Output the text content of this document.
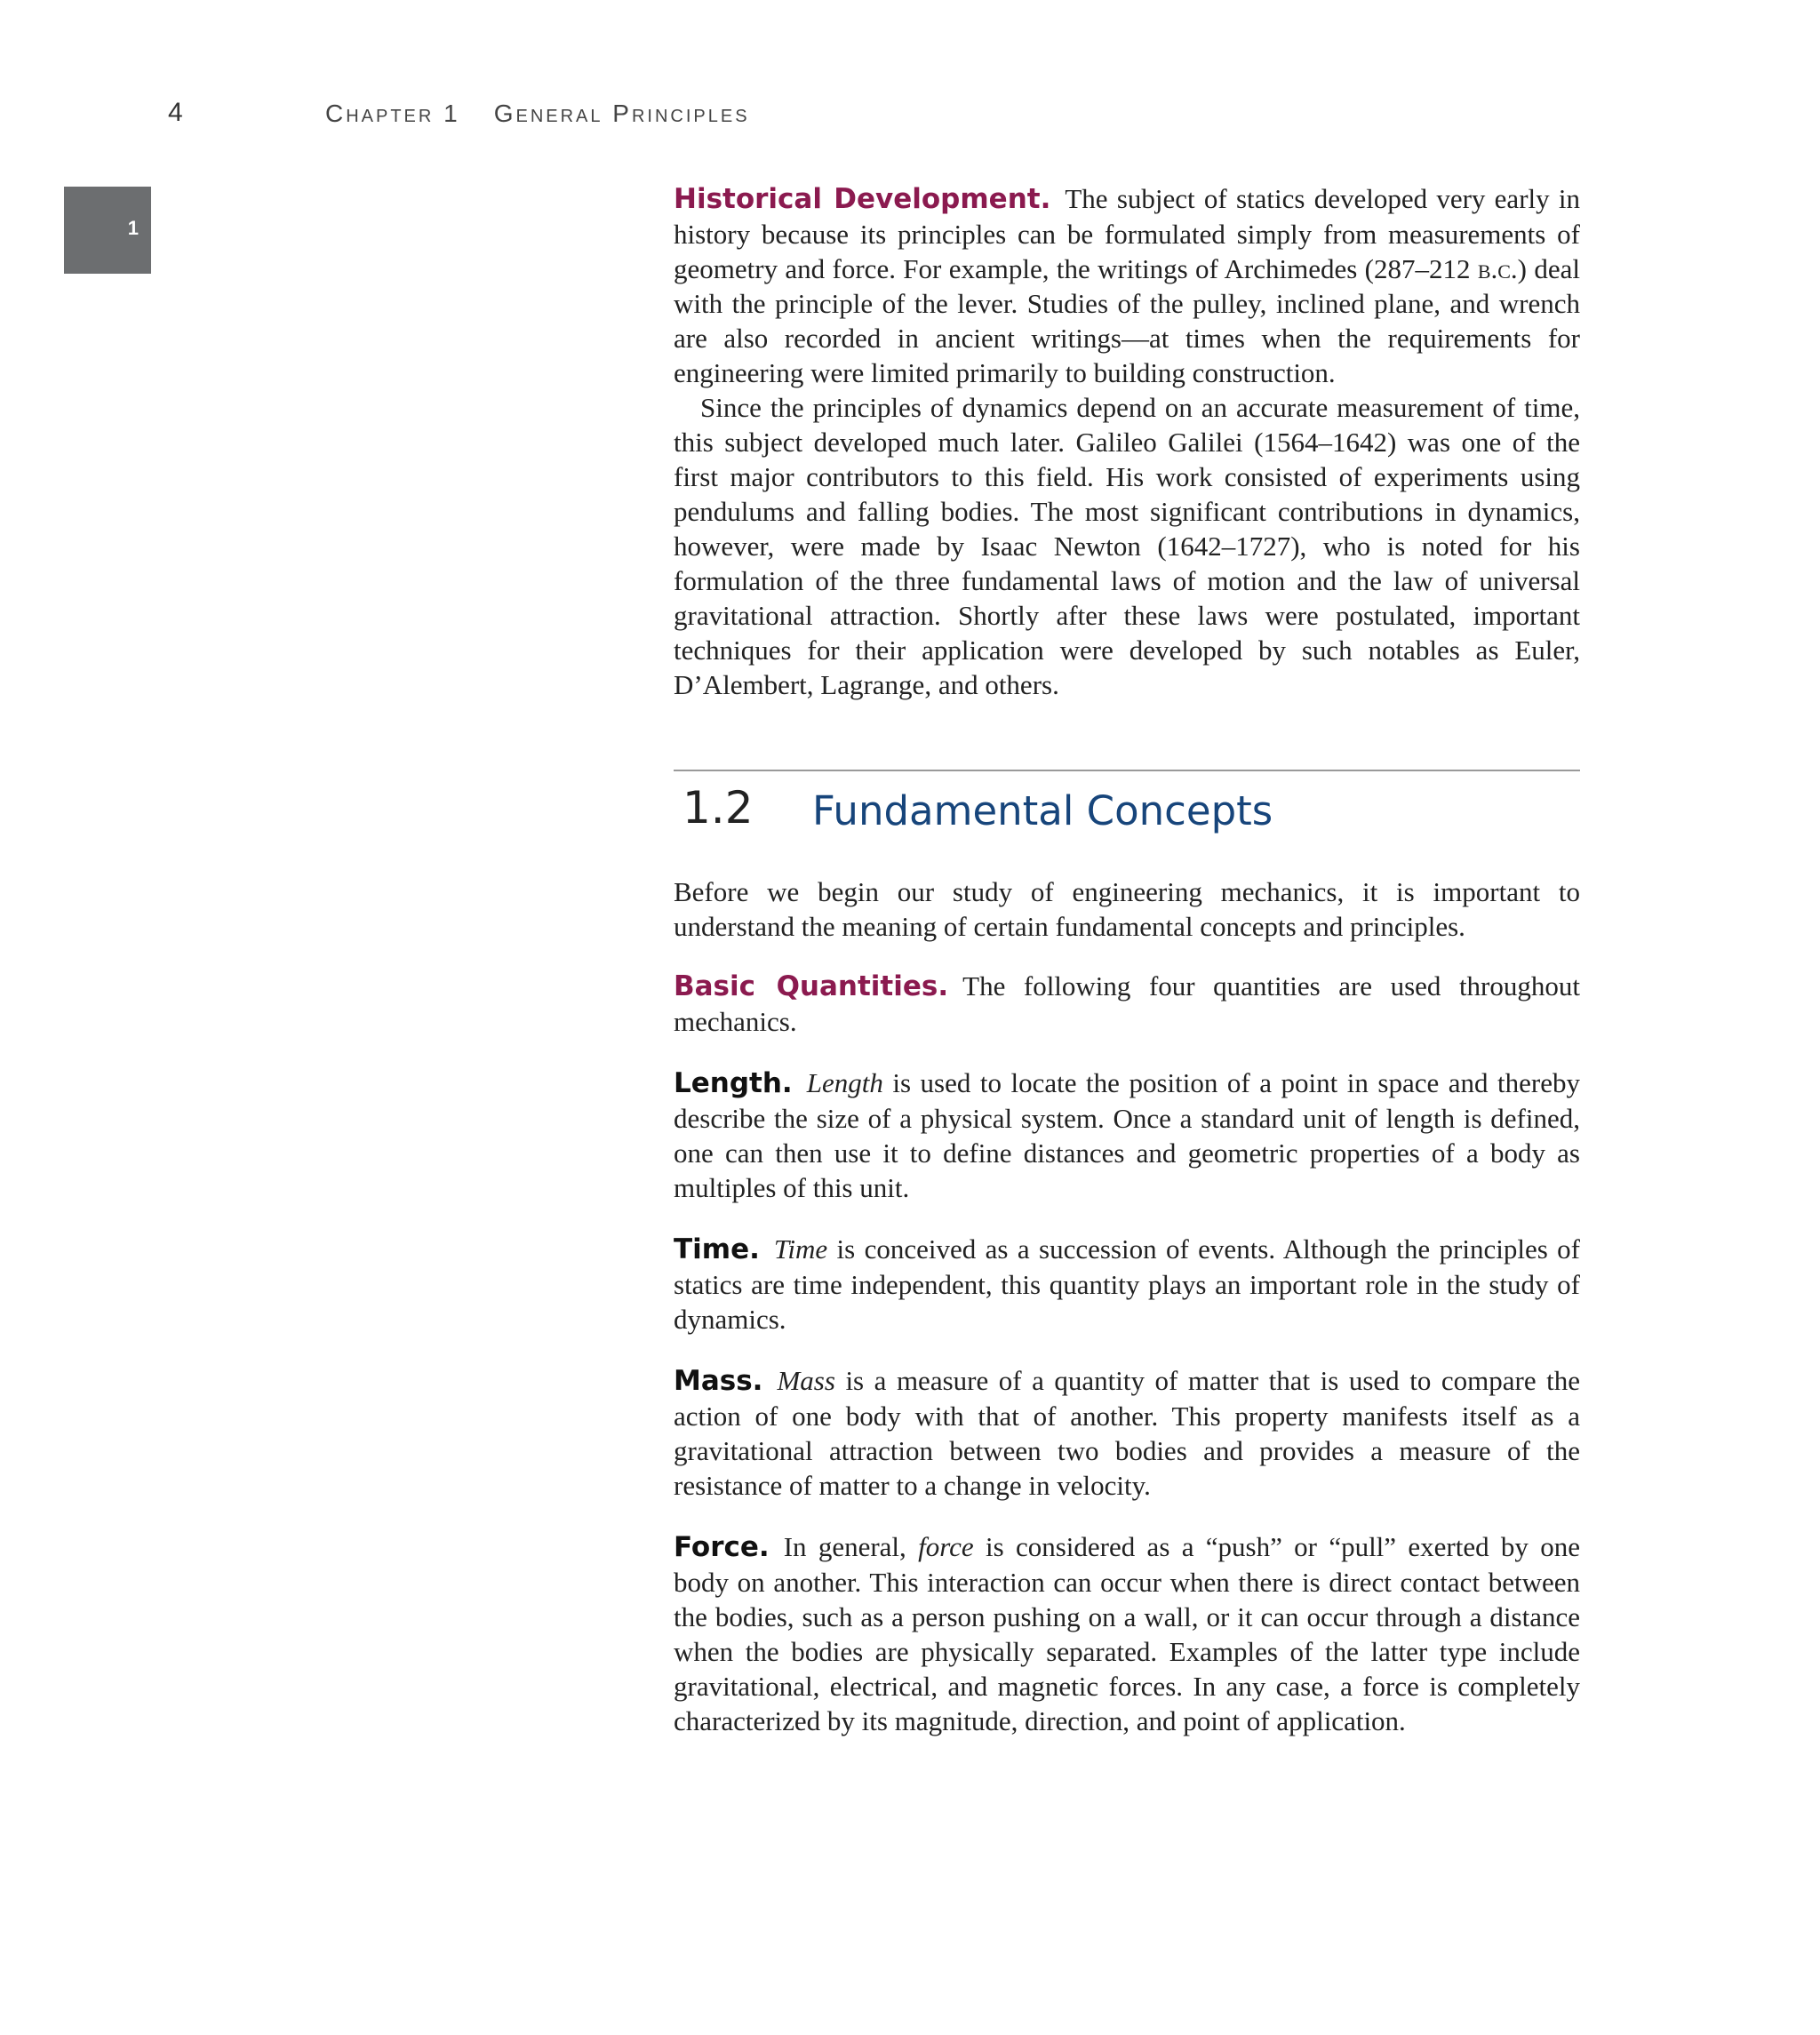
4	Chapter 1 General Principles
1

Historical Development. The subject of statics developed very early in history because its principles can be formulated simply from measurements of geometry and force. For example, the writings of Archimedes (287–212 b.c.) deal with the principle of the lever. Studies of the pulley, inclined plane, and wrench are also recorded in ancient writings—at times when the requirements for engineering were limited primarily to building construction.

Since the principles of dynamics depend on an accurate measurement of time, this subject developed much later. Galileo Galilei (1564–1642) was one of the first major contributors to this field. His work consisted of experiments using pendulums and falling bodies. The most significant contributions in dynamics, however, were made by Isaac Newton (1642–1727), who is noted for his formulation of the three fundamental laws of motion and the law of universal gravitational attraction. Shortly after these laws were postulated, important techniques for their application were developed by such notables as Euler, D’Alembert, Lagrange, and others.

1.2 Fundamental Concepts

Before we begin our study of engineering mechanics, it is important to understand the meaning of certain fundamental concepts and principles.

Basic Quantities. The following four quantities are used throughout mechanics.

Length. Length is used to locate the position of a point in space and thereby describe the size of a physical system. Once a standard unit of length is defined, one can then use it to define distances and geometric properties of a body as multiples of this unit.

Time. Time is conceived as a succession of events. Although the principles of statics are time independent, this quantity plays an important role in the study of dynamics.

Mass. Mass is a measure of a quantity of matter that is used to compare the action of one body with that of another. This property manifests itself as a gravitational attraction between two bodies and provides a measure of the resistance of matter to a change in velocity.

Force. In general, force is considered as a “push” or “pull” exerted by one body on another. This interaction can occur when there is direct contact between the bodies, such as a person pushing on a wall, or it can occur through a distance when the bodies are physically separated. Examples of the latter type include gravitational, electrical, and magnetic forces. In any case, a force is completely characterized by its magnitude, direction, and point of application.
